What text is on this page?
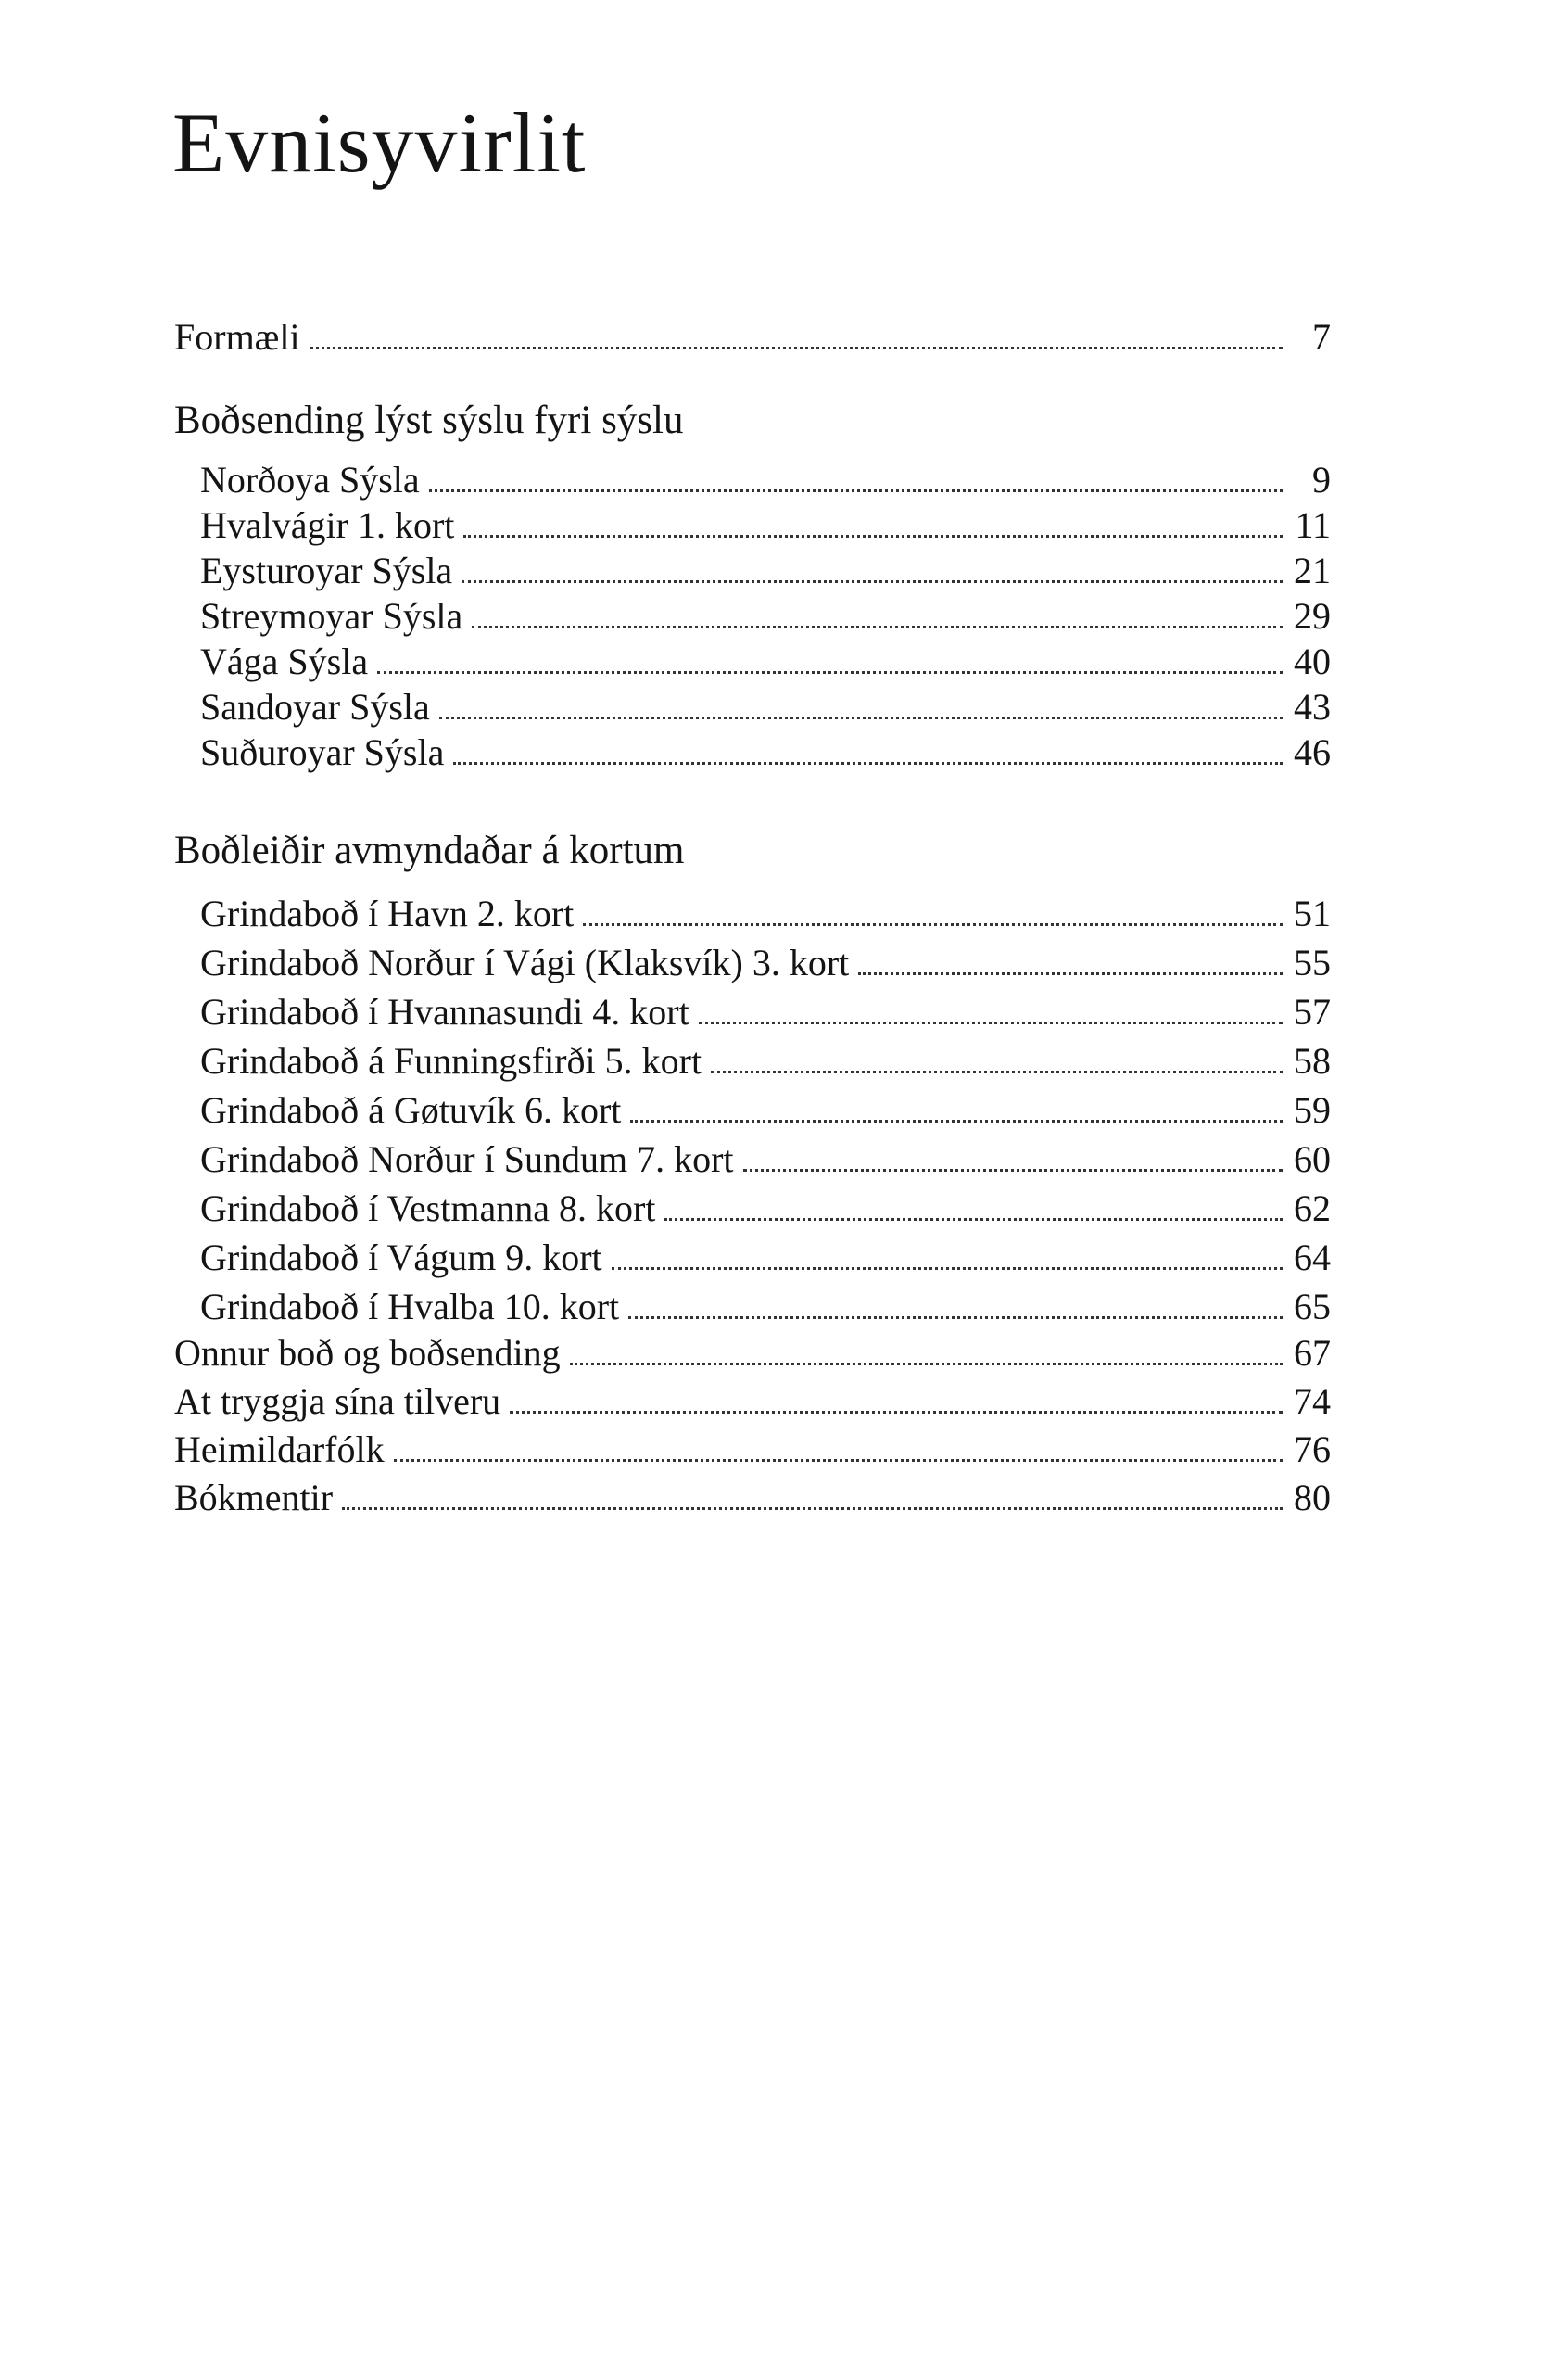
Evnisyvirlit
Formæli	7
Boðsending lýst sýslu fyri sýslu
Norðoya Sýsla	9
Hvalvágir 1. kort	11
Eysturoyar Sýsla	21
Streymoyar Sýsla	29
Vága Sýsla	40
Sandoyar Sýsla	43
Suðuroyar Sýsla	46
Boðleiðir avmyndaðar á kortum
Grindaboð í Havn 2. kort	51
Grindaboð Norður í Vági (Klaksvík) 3. kort	55
Grindaboð í Hvannasundi 4. kort	57
Grindaboð á Funningsfirði 5. kort	58
Grindaboð á Gøtuvík 6. kort	59
Grindaboð Norður í Sundum 7. kort	60
Grindaboð í Vestmanna 8. kort	62
Grindaboð í Vágum 9. kort	64
Grindaboð í Hvalba 10. kort	65
Onnur boð og boðsending	67
At tryggja sína tilveru	74
Heimildarfólk	76
Bókmentir	80
